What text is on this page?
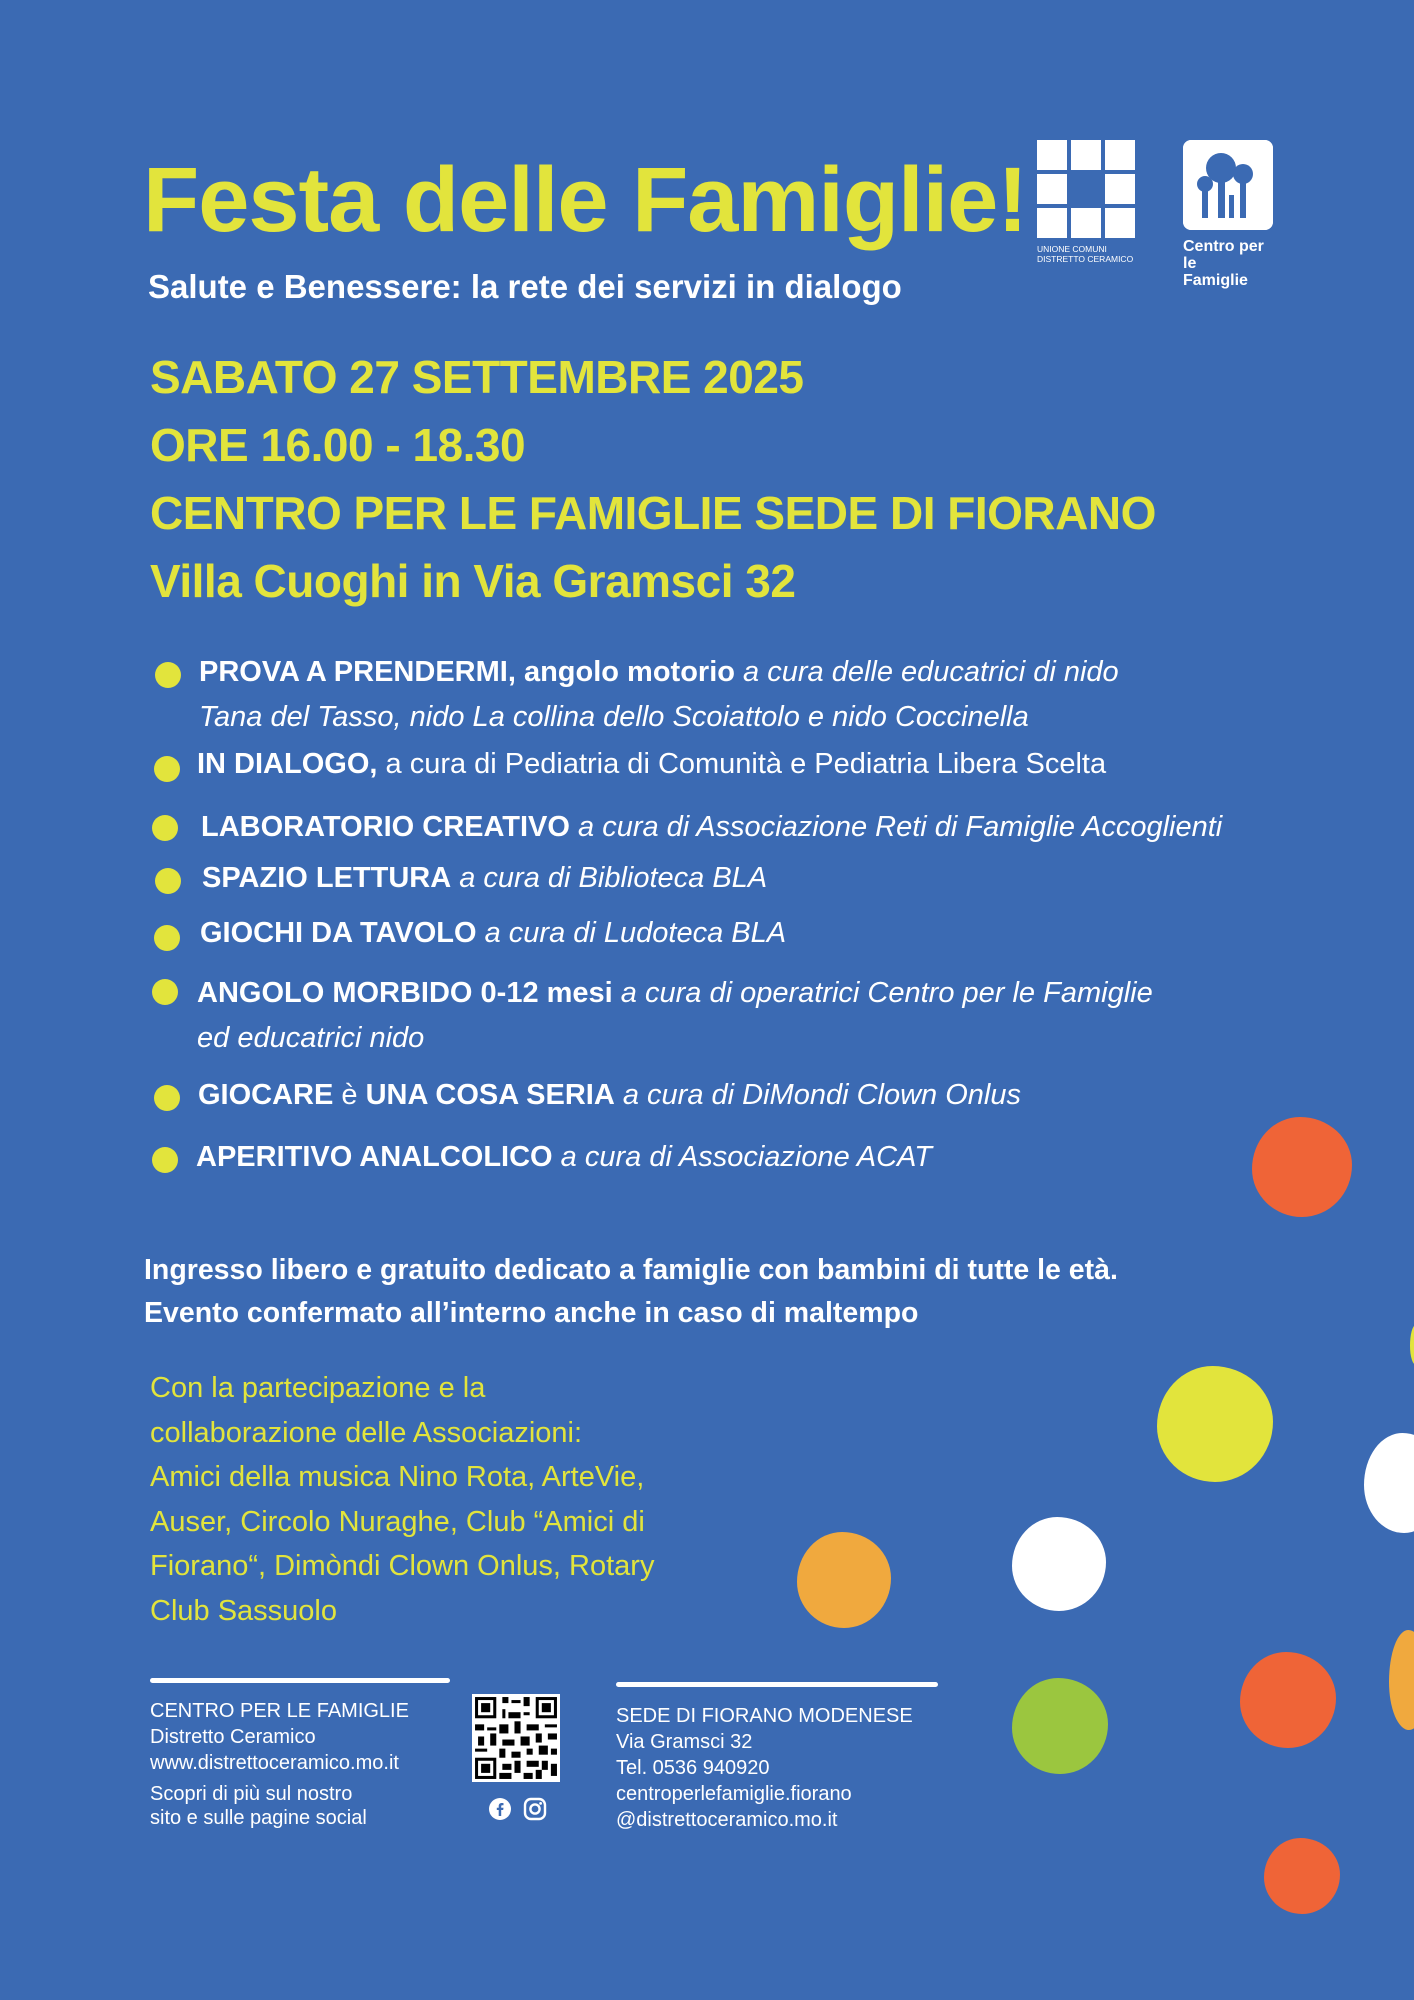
Festa delle Famiglie!
Salute e Benessere: la rete dei servizi in dialogo
UNIONE COMUNI
DISTRETTO CERAMICO
Centro per le
Famiglie
SABATO 27 SETTEMBRE 2025
ORE 16.00 - 18.30
CENTRO PER LE FAMIGLIE SEDE DI FIORANO
Villa Cuoghi in Via Gramsci 32
PROVA A PRENDERMI, angolo motorio a cura delle educatrici di nido
Tana del Tasso, nido La collina dello Scoiattolo e nido Coccinella
IN DIALOGO, a cura di Pediatria di Comunità e Pediatria Libera Scelta
LABORATORIO CREATIVO a cura di Associazione Reti di Famiglie Accoglienti
SPAZIO LETTURA a cura di Biblioteca BLA
GIOCHI DA TAVOLO a cura di Ludoteca BLA
ANGOLO MORBIDO 0-12 mesi a cura di operatrici Centro per le Famiglie
ed educatrici nido
GIOCARE è UNA COSA SERIA a cura di DiMondi Clown Onlus
APERITIVO ANALCOLICO a cura di Associazione ACAT
Ingresso libero e gratuito dedicato a famiglie con bambini di tutte le età.
Evento confermato all’interno anche in caso di maltempo
Con la partecipazione e la
collaborazione delle Associazioni:
Amici della musica Nino Rota, ArteVie,
Auser, Circolo Nuraghe, Club “Amici di
Fiorano“, Dimòndi Clown Onlus, Rotary
Club Sassuolo
CENTRO PER LE FAMIGLIE
Distretto Ceramico
www.distrettoceramico.mo.it
Scopri di più sul nostro
sito e sulle pagine social
SEDE DI FIORANO MODENESE
Via Gramsci 32
Tel. 0536 940920
centroperlefamiglie.fiorano
@distrettoceramico.mo.it
